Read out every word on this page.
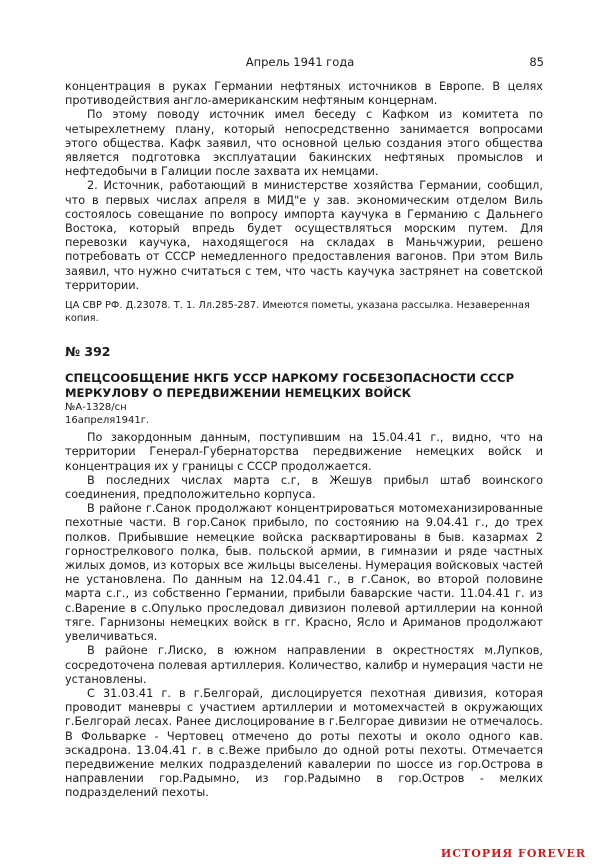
Апрель 1941 года	85

концентрация в руках Германии нефтяных источников в Европе. В целях противодействия англо-американским нефтяным концернам.

По этому поводу источник имел беседу с Кафком из комитета по четырехлетнему плану, который непосредственно занимается вопросами этого общества. Кафк заявил, что основной целью создания этого общества является подготовка эксплуатации бакинских нефтяных промыслов и нефтедобычи в Галиции после захвата их немцами.

2. Источник, работающий в министерстве хозяйства Германии, сообщил, что в первых числах апреля в МИД"е у зав. экономическим отделом Виль состоялось совещание по вопросу импорта каучука в Германию с Дальнего Востока, который впредь будет осуществляться морским путем. Для перевозки каучука, находящегося на складах в Маньчжурии, решено потребовать от СССР немедленного предоставления вагонов. При этом Виль заявил, что нужно считаться с тем, что часть каучука застрянет на советской территории.

ЦА СВР РФ. Д.23078. Т. 1. Лл.285-287. Имеются пометы, указана рассылка. Незаверенная копия.

№ 392

СПЕЦСООБЩЕНИЕ НКГБ УССР НАРКОМУ ГОСБЕЗОПАСНОСТИ СССР МЕРКУЛОВУ О ПЕРЕДВИЖЕНИИ НЕМЕЦКИХ ВОЙСК

№А-1328/сн

16апреля1941г.

По закордонным данным, поступившим на 15.04.41 г., видно, что на территории Генерал-Губернаторства передвижение немецких войск и концентрация их у границы с СССР продолжается.

В последних числах марта с.г, в Жешув прибыл штаб воинского соединения, предположительно корпуса.

В районе г.Санок продолжают концентрироваться мотомеханизированные пехотные части. В гор.Санок прибыло, по состоянию на 9.04.41 г., до трех полков. Прибывшие немецкие войска расквартированы в быв. казармах 2 горнострелкового полка, быв. польской армии, в гимназии и ряде частных жилых домов, из которых все жильцы выселены. Нумерация войсковых частей не установлена. По данным на 12.04.41 г., в г.Санок, во второй половине марта с.г., из собственно Германии, прибыли баварские части. 11.04.41 г. из с.Варение в с.Опулько проследовал дивизион полевой артиллерии на конной тяге. Гарнизоны немецких войск в гг. Красно, Ясло и Ариманов продолжают увеличиваться.

В районе г.Лиско, в южном направлении в окрестностях м.Лупков, сосредоточена полевая артиллерия. Количество, калибр и нумерация части не установлены.

С 31.03.41 г. в г.Белгорай, дислоцируется пехотная дивизия, которая проводит маневры с участием артиллерии и мотомехчастей в окружающих г.Белгорай лесах. Ранее дислоцирование в г.Белгорае дивизии не отмечалось. В Фольварке - Чертовец отмечено до роты пехоты и около одного кав. эскадрона. 13.04.41 г. в с.Веже прибыло до одной роты пехоты. Отмечается передвижение мелких подразделений кавалерии по шоссе из гор.Острова в направлении гор.Радымно, из гор.Радымно в гор.Остров - мелких подразделений пехоты.

ИСТОРИЯ FOREVER
